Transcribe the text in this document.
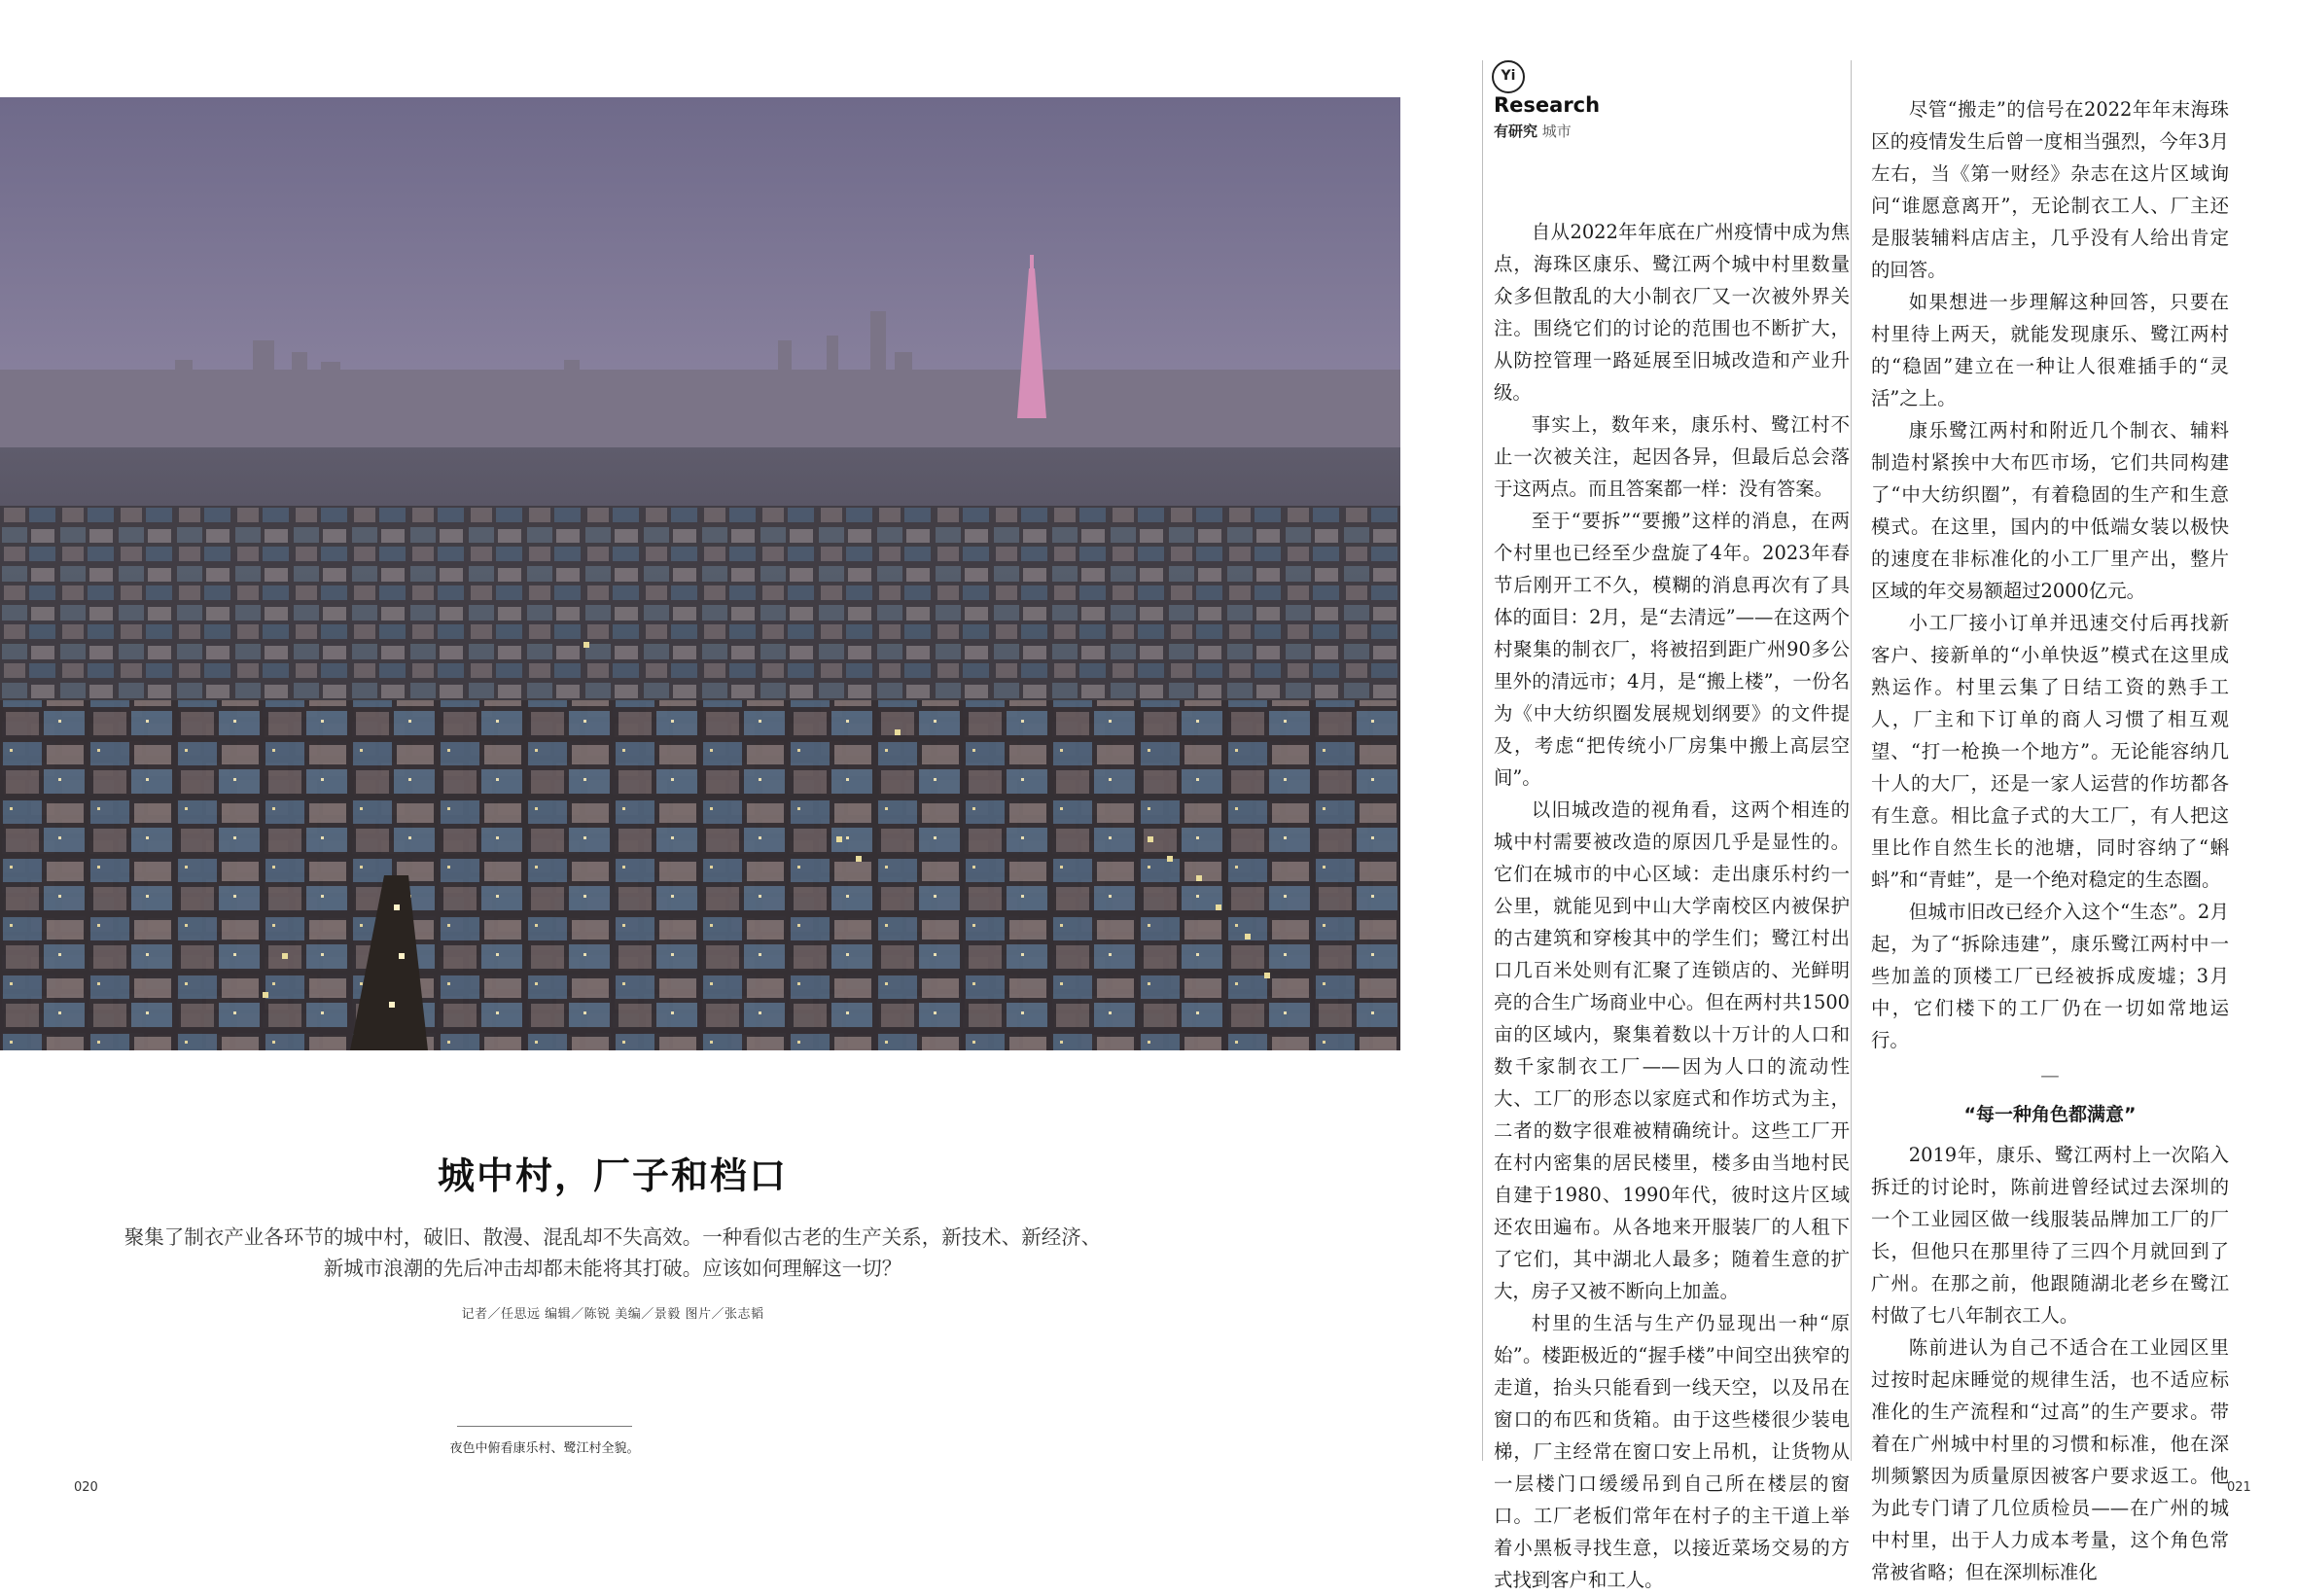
城中村，厂子和档口
聚集了制衣产业各环节的城中村，破旧、散漫、混乱却不失高效。一种看似古老的生产关系，新技术、新经济、新城市浪潮的先后冲击却都未能将其打破。应该如何理解这一切？
记者／任思远 编辑／陈锐 美编／景毅 图片／张志韬
夜色中俯看康乐村、鹭江村全貌。
020
Yi
Research
有研究 城市

自从2022年年底在广州疫情中成为焦点，海珠区康乐、鹭江两个城中村里数量众多但散乱的大小制衣厂又一次被外界关注。围绕它们的讨论的范围也不断扩大，从防控管理一路延展至旧城改造和产业升级。

事实上，数年来，康乐村、鹭江村不止一次被关注，起因各异，但最后总会落于这两点。而且答案都一样：没有答案。

至于“要拆”“要搬”这样的消息，在两个村里也已经至少盘旋了4年。2023年春节后刚开工不久，模糊的消息再次有了具体的面目：2月，是“去清远”——在这两个村聚集的制衣厂，将被招到距广州90多公里外的清远市；4月，是“搬上楼”，一份名为《中大纺织圈发展规划纲要》的文件提及，考虑“把传统小厂房集中搬上高层空间”。

以旧城改造的视角看，这两个相连的城中村需要被改造的原因几乎是显性的。它们在城市的中心区域：走出康乐村约一公里，就能见到中山大学南校区内被保护的古建筑和穿梭其中的学生们；鹭江村出口几百米处则有汇聚了连锁店的、光鲜明亮的合生广场商业中心。但在两村共1500亩的区域内，聚集着数以十万计的人口和数千家制衣工厂——因为人口的流动性大、工厂的形态以家庭式和作坊式为主，二者的数字很难被精确统计。这些工厂开在村内密集的居民楼里，楼多由当地村民自建于1980、1990年代，彼时这片区域还农田遍布。从各地来开服装厂的人租下了它们，其中湖北人最多；随着生意的扩大，房子又被不断向上加盖。

村里的生活与生产仍显现出一种“原始”。楼距极近的“握手楼”中间空出狭窄的走道，抬头只能看到一线天空，以及吊在窗口的布匹和货箱。由于这些楼很少装电梯，厂主经常在窗口安上吊机，让货物从一层楼门口缓缓吊到自己所在楼层的窗口。工厂老板们常年在村子的主干道上举着小黑板寻找生意，以接近菜场交易的方式找到客户和工人。

尽管“搬走”的信号在2022年年末海珠区的疫情发生后曾一度相当强烈，今年3月左右，当《第一财经》杂志在这片区域询问“谁愿意离开”，无论制衣工人、厂主还是服装辅料店店主，几乎没有人给出肯定的回答。

如果想进一步理解这种回答，只要在村里待上两天，就能发现康乐、鹭江两村的“稳固”建立在一种让人很难插手的“灵活”之上。

康乐鹭江两村和附近几个制衣、辅料制造村紧挨中大布匹市场，它们共同构建了“中大纺织圈”，有着稳固的生产和生意模式。在这里，国内的中低端女装以极快的速度在非标准化的小工厂里产出，整片区域的年交易额超过2000亿元。

小工厂接小订单并迅速交付后再找新客户、接新单的“小单快返”模式在这里成熟运作。村里云集了日结工资的熟手工人，厂主和下订单的商人习惯了相互观望、“打一枪换一个地方”。无论能容纳几十人的大厂，还是一家人运营的作坊都各有生意。相比盒子式的大工厂，有人把这里比作自然生长的池塘，同时容纳了“蝌蚪”和“青蛙”，是一个绝对稳定的生态圈。

但城市旧改已经介入这个“生态”。2月起，为了“拆除违建”，康乐鹭江两村中一些加盖的顶楼工厂已经被拆成废墟；3月中，它们楼下的工厂仍在一切如常地运行。

—

“每一种角色都满意”

2019年，康乐、鹭江两村上一次陷入拆迁的讨论时，陈前进曾经试过去深圳的一个工业园区做一线服装品牌加工厂的厂长，但他只在那里待了三四个月就回到了广州。在那之前，他跟随湖北老乡在鹭江村做了七八年制衣工人。

陈前进认为自己不适合在工业园区里过按时起床睡觉的规律生活，也不适应标准化的生产流程和“过高”的生产要求。带着在广州城中村里的习惯和标准，他在深圳频繁因为质量原因被客户要求返工。他为此专门请了几位质检员——在广州的城中村里，出于人力成本考量，这个角色常常被省略；但在深圳标准化

021
